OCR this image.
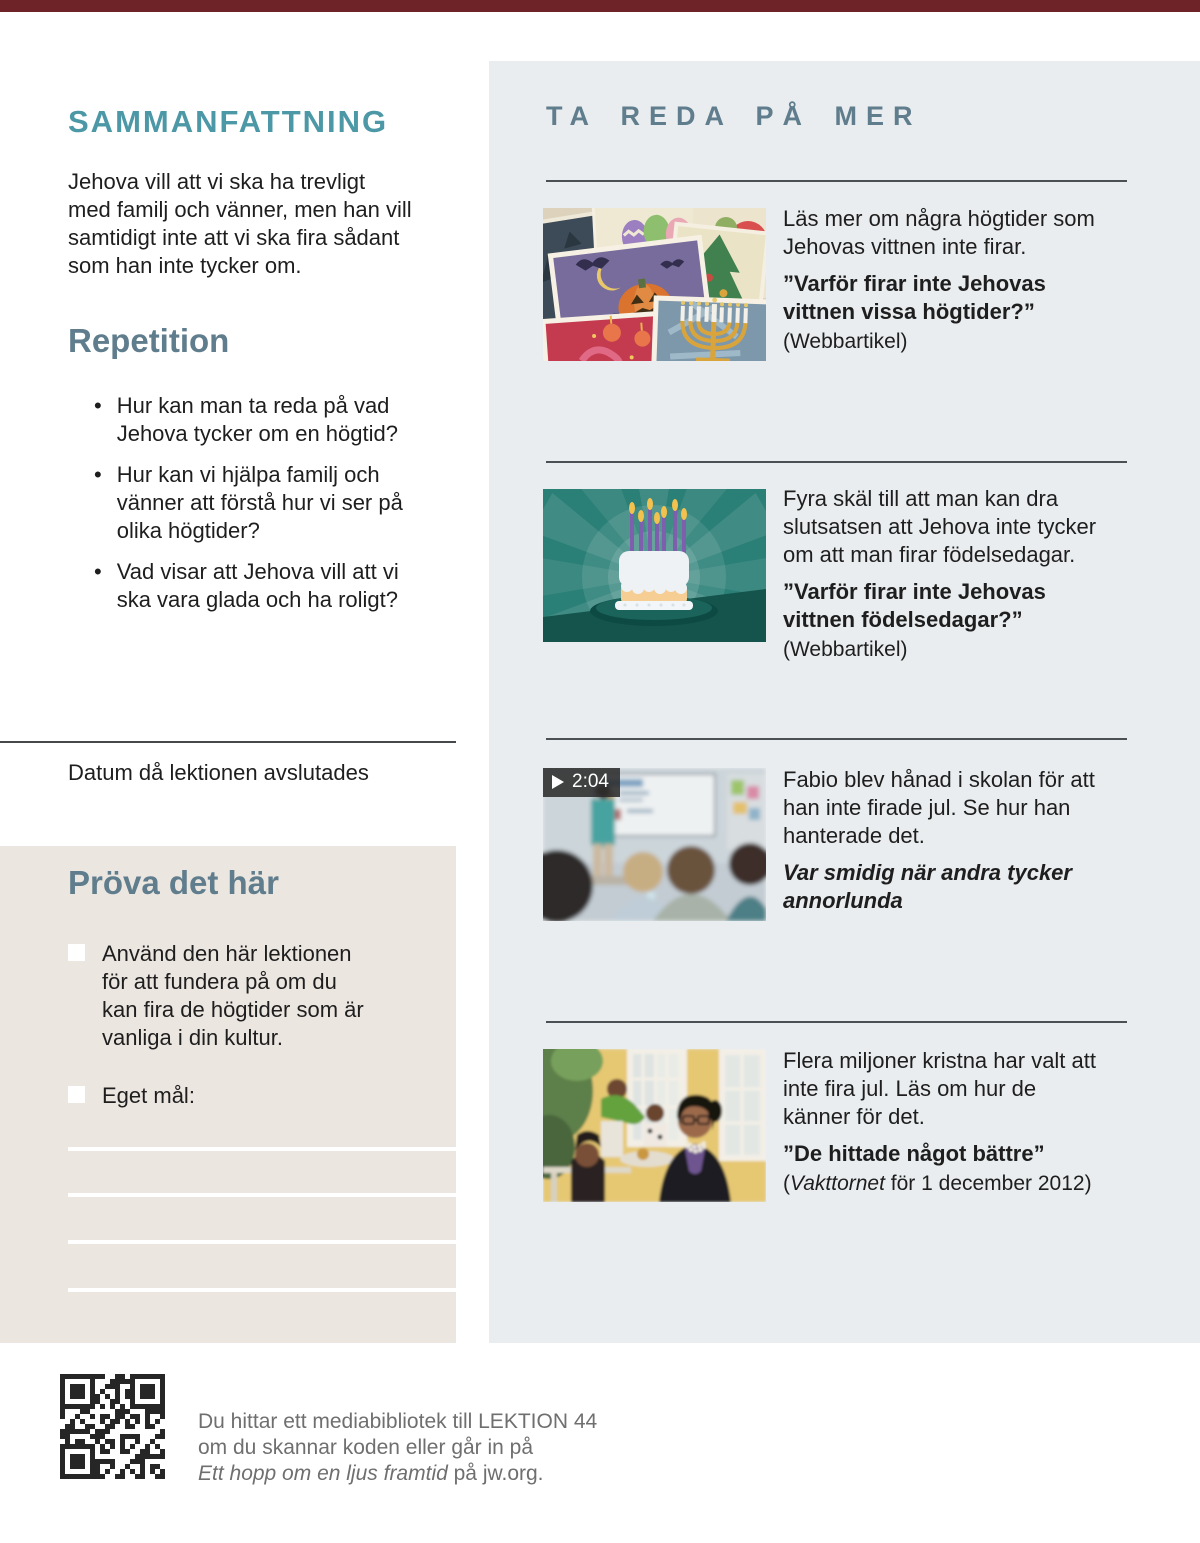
SAMMANFATTNING

Jehova vill att vi ska ha trevligt med familj och vänner, men han vill samtidigt inte att vi ska fira sådant som han inte tycker om.

Repetition
• Hur kan man ta reda på vad Jehova tycker om en högtid?
• Hur kan vi hjälpa familj och vänner att förstå hur vi ser på olika högtider?
• Vad visar att Jehova vill att vi ska vara glada och ha roligt?
Datum då lektionen avslutades
Pröva det här
Använd den här lektionen för att fundera på om du kan fira de högtider som är vanliga i din kultur.
Eget mål:
TA REDA PÅ MER

Läs mer om några högtider som Jehovas vittnen inte firar.

”Varför firar inte Jehovas vittnen vissa högtider?”

(Webbartikel)

Fyra skäl till att man kan dra slutsatsen att Jehova inte tycker om att man firar födelsedagar.

”Varför firar inte Jehovas vittnen födelsedagar?”

(Webbartikel)

2:04	Fabio blev hånad i skolan för att han inte firade jul. Se hur han hanterade det.

Var smidig när andra tycker annorlunda

Flera miljoner kristna har valt att inte fira jul. Läs om hur de känner för det.

”De hittade något bättre”

(Vakttornet för 1 december 2012)

Du hittar ett mediabibliotek till LEKTION 44
om du skannar koden eller går in på
Ett hopp om en ljus framtid på jw.org.
